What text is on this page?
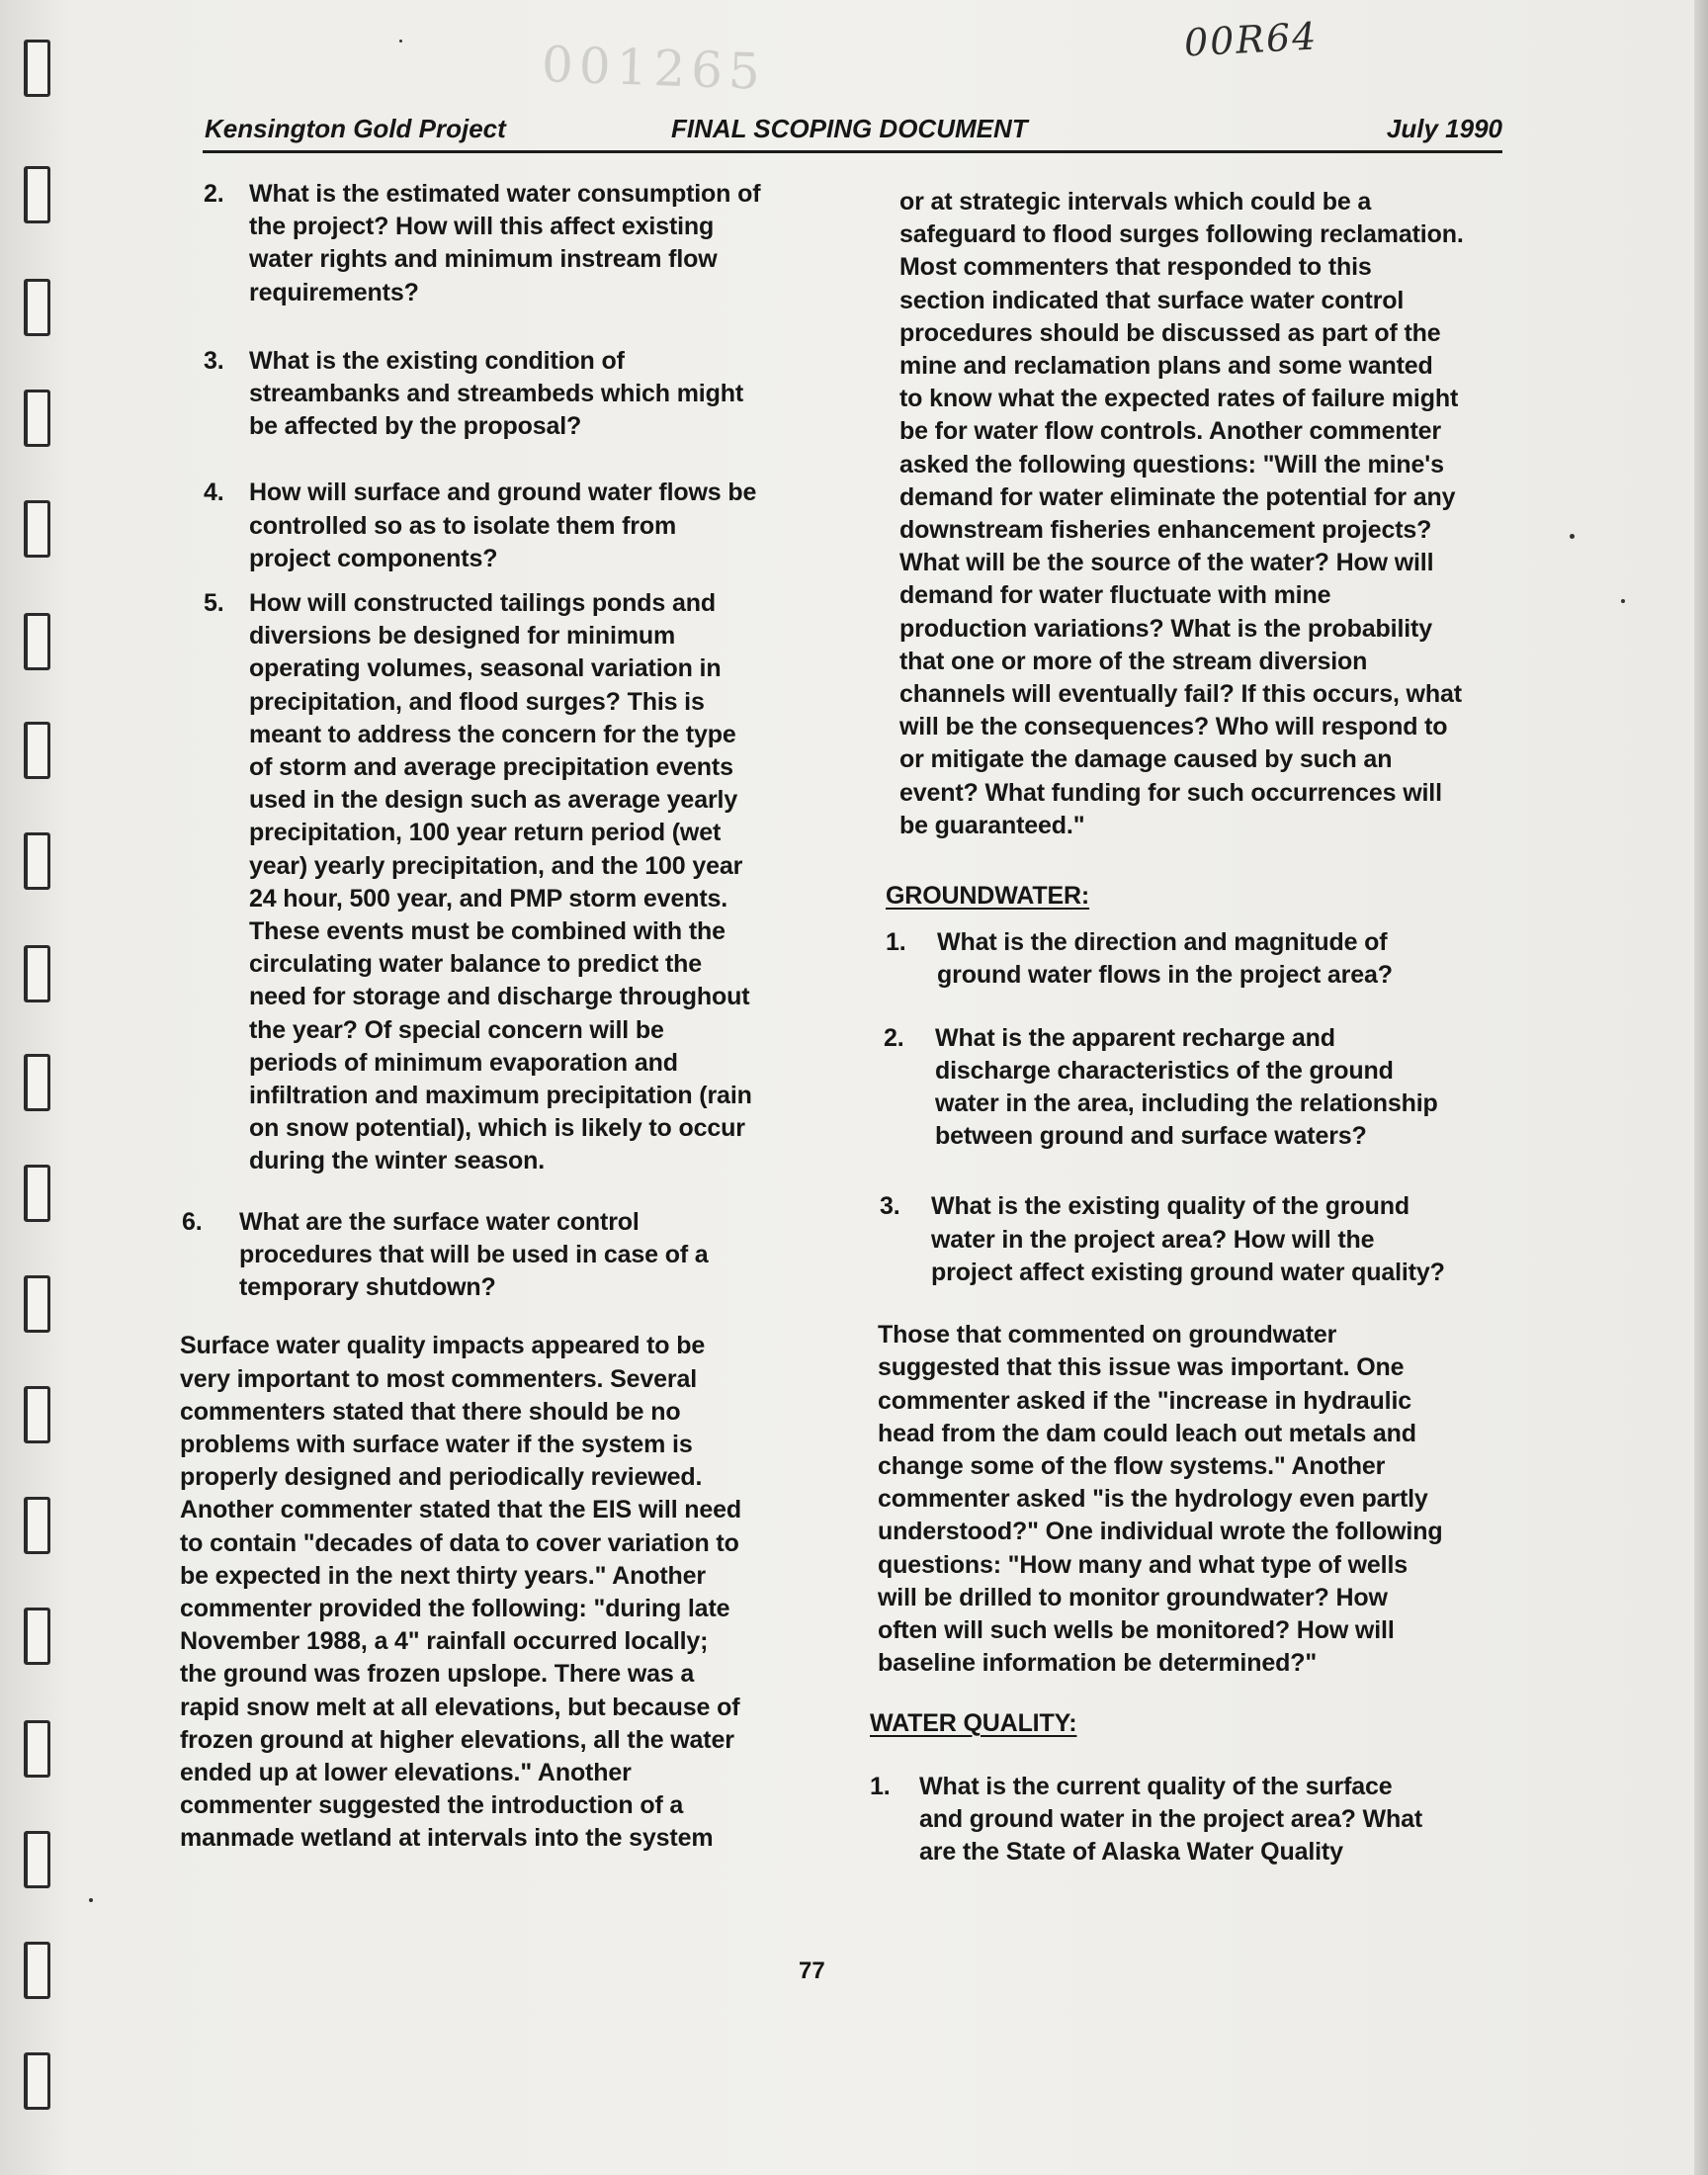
001265	00R64
Kensington Gold Project	FINAL SCOPING DOCUMENT	July 1990
2. What is the estimated water consumption of
the project? How will this affect existing
water rights and minimum instream flow
requirements?
3. What is the existing condition of
streambanks and streambeds which might
be affected by the proposal?
4. How will surface and ground water flows be
controlled so as to isolate them from
project components?
5. How will constructed tailings ponds and
diversions be designed for minimum
operating volumes, seasonal variation in
precipitation, and flood surges? This is
meant to address the concern for the type
of storm and average precipitation events
used in the design such as average yearly
precipitation, 100 year return period (wet
year) yearly precipitation, and the 100 year
24 hour, 500 year, and PMP storm events.
These events must be combined with the
circulating water balance to predict the
need for storage and discharge throughout
the year? Of special concern will be
periods of minimum evaporation and
infiltration and maximum precipitation (rain
on snow potential), which is likely to occur
during the winter season.
6. What are the surface water control
procedures that will be used in case of a
temporary shutdown?
Surface water quality impacts appeared to be
very important to most commenters. Several
commenters stated that there should be no
problems with surface water if the system is
properly designed and periodically reviewed.
Another commenter stated that the EIS will need
to contain "decades of data to cover variation to
be expected in the next thirty years." Another
commenter provided the following: "during late
November 1988, a 4" rainfall occurred locally;
the ground was frozen upslope. There was a
rapid snow melt at all elevations, but because of
frozen ground at higher elevations, all the water
ended up at lower elevations." Another
commenter suggested the introduction of a
manmade wetland at intervals into the system
or at strategic intervals which could be a
safeguard to flood surges following reclamation.
Most commenters that responded to this
section indicated that surface water control
procedures should be discussed as part of the
mine and reclamation plans and some wanted
to know what the expected rates of failure might
be for water flow controls. Another commenter
asked the following questions: "Will the mine's
demand for water eliminate the potential for any
downstream fisheries enhancement projects?
What will be the source of the water? How will
demand for water fluctuate with mine
production variations? What is the probability
that one or more of the stream diversion
channels will eventually fail? If this occurs, what
will be the consequences? Who will respond to
or mitigate the damage caused by such an
event? What funding for such occurrences will
be guaranteed."

GROUNDWATER:

1. What is the direction and magnitude of
ground water flows in the project area?
2. What is the apparent recharge and
discharge characteristics of the ground
water in the area, including the relationship
between ground and surface waters?
3. What is the existing quality of the ground
water in the project area? How will the
project affect existing ground water quality?
Those that commented on groundwater
suggested that this issue was important. One
commenter asked if the "increase in hydraulic
head from the dam could leach out metals and
change some of the flow systems." Another
commenter asked "is the hydrology even partly
understood?" One individual wrote the following
questions: "How many and what type of wells
will be drilled to monitor groundwater? How
often will such wells be monitored? How will
baseline information be determined?"

WATER QUALITY:

1. What is the current quality of the surface
and ground water in the project area? What
are the State of Alaska Water Quality
77
